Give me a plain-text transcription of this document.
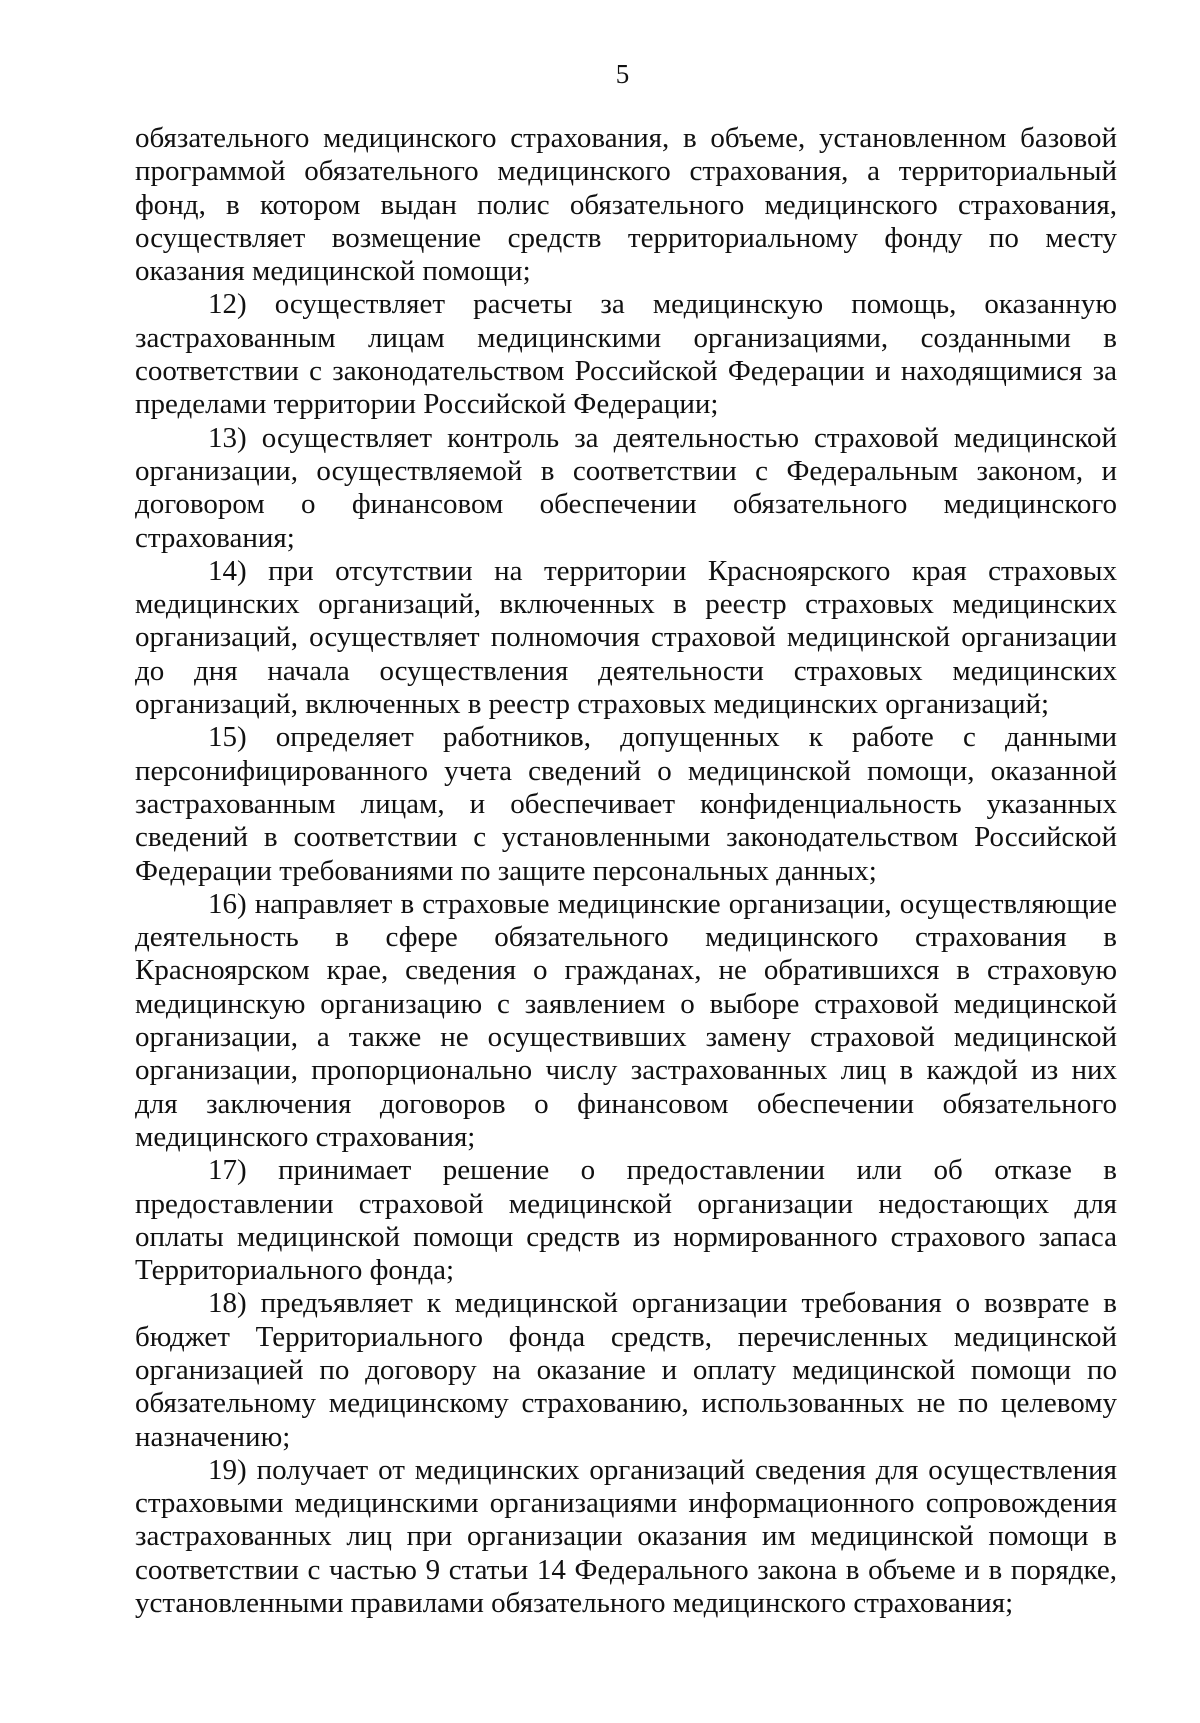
5

обязательного медицинского страхования, в объеме, установленном базовой программой обязательного медицинского страхования, а территориальный фонд, в котором выдан полис обязательного медицинского страхования, осуществляет возмещение средств территориальному фонду по месту оказания медицинской помощи;

12) осуществляет расчеты за медицинскую помощь, оказанную застрахованным лицам медицинскими организациями, созданными в соответствии с законодательством Российской Федерации и находящимися за пределами территории Российской Федерации;

13) осуществляет контроль за деятельностью страховой медицинской организации, осуществляемой в соответствии с Федеральным законом, и договором о финансовом обеспечении обязательного медицинского страхования;

14) при отсутствии на территории Красноярского края страховых медицинских организаций, включенных в реестр страховых медицинских организаций, осуществляет полномочия страховой медицинской организации до дня начала осуществления деятельности страховых медицинских организаций, включенных в реестр страховых медицинских организаций;

15) определяет работников, допущенных к работе с данными персонифицированного учета сведений о медицинской помощи, оказанной застрахованным лицам, и обеспечивает конфиденциальность указанных сведений в соответствии с установленными законодательством Российской Федерации требованиями по защите персональных данных;

16) направляет в страховые медицинские организации, осуществляющие деятельность в сфере обязательного медицинского страхования в Красноярском крае, сведения о гражданах, не обратившихся в страховую медицинскую организацию с заявлением о выборе страховой медицинской организации, а также не осуществивших замену страховой медицинской организации, пропорционально числу застрахованных лиц в каждой из них для заключения договоров о финансовом обеспечении обязательного медицинского страхования;

17) принимает решение о предоставлении или об отказе в предоставлении страховой медицинской организации недостающих для оплаты медицинской помощи средств из нормированного страхового запаса Территориального фонда;

18) предъявляет к медицинской организации требования о возврате в бюджет Территориального фонда средств, перечисленных медицинской организацией по договору на оказание и оплату медицинской помощи по обязательному медицинскому страхованию, использованных не по целевому назначению;

19) получает от медицинских организаций сведения для осуществления страховыми медицинскими организациями информационного сопровождения застрахованных лиц при организации оказания им медицинской помощи в соответствии с частью 9 статьи 14 Федерального закона в объеме и в порядке, установленными правилами обязательного медицинского страхования;
